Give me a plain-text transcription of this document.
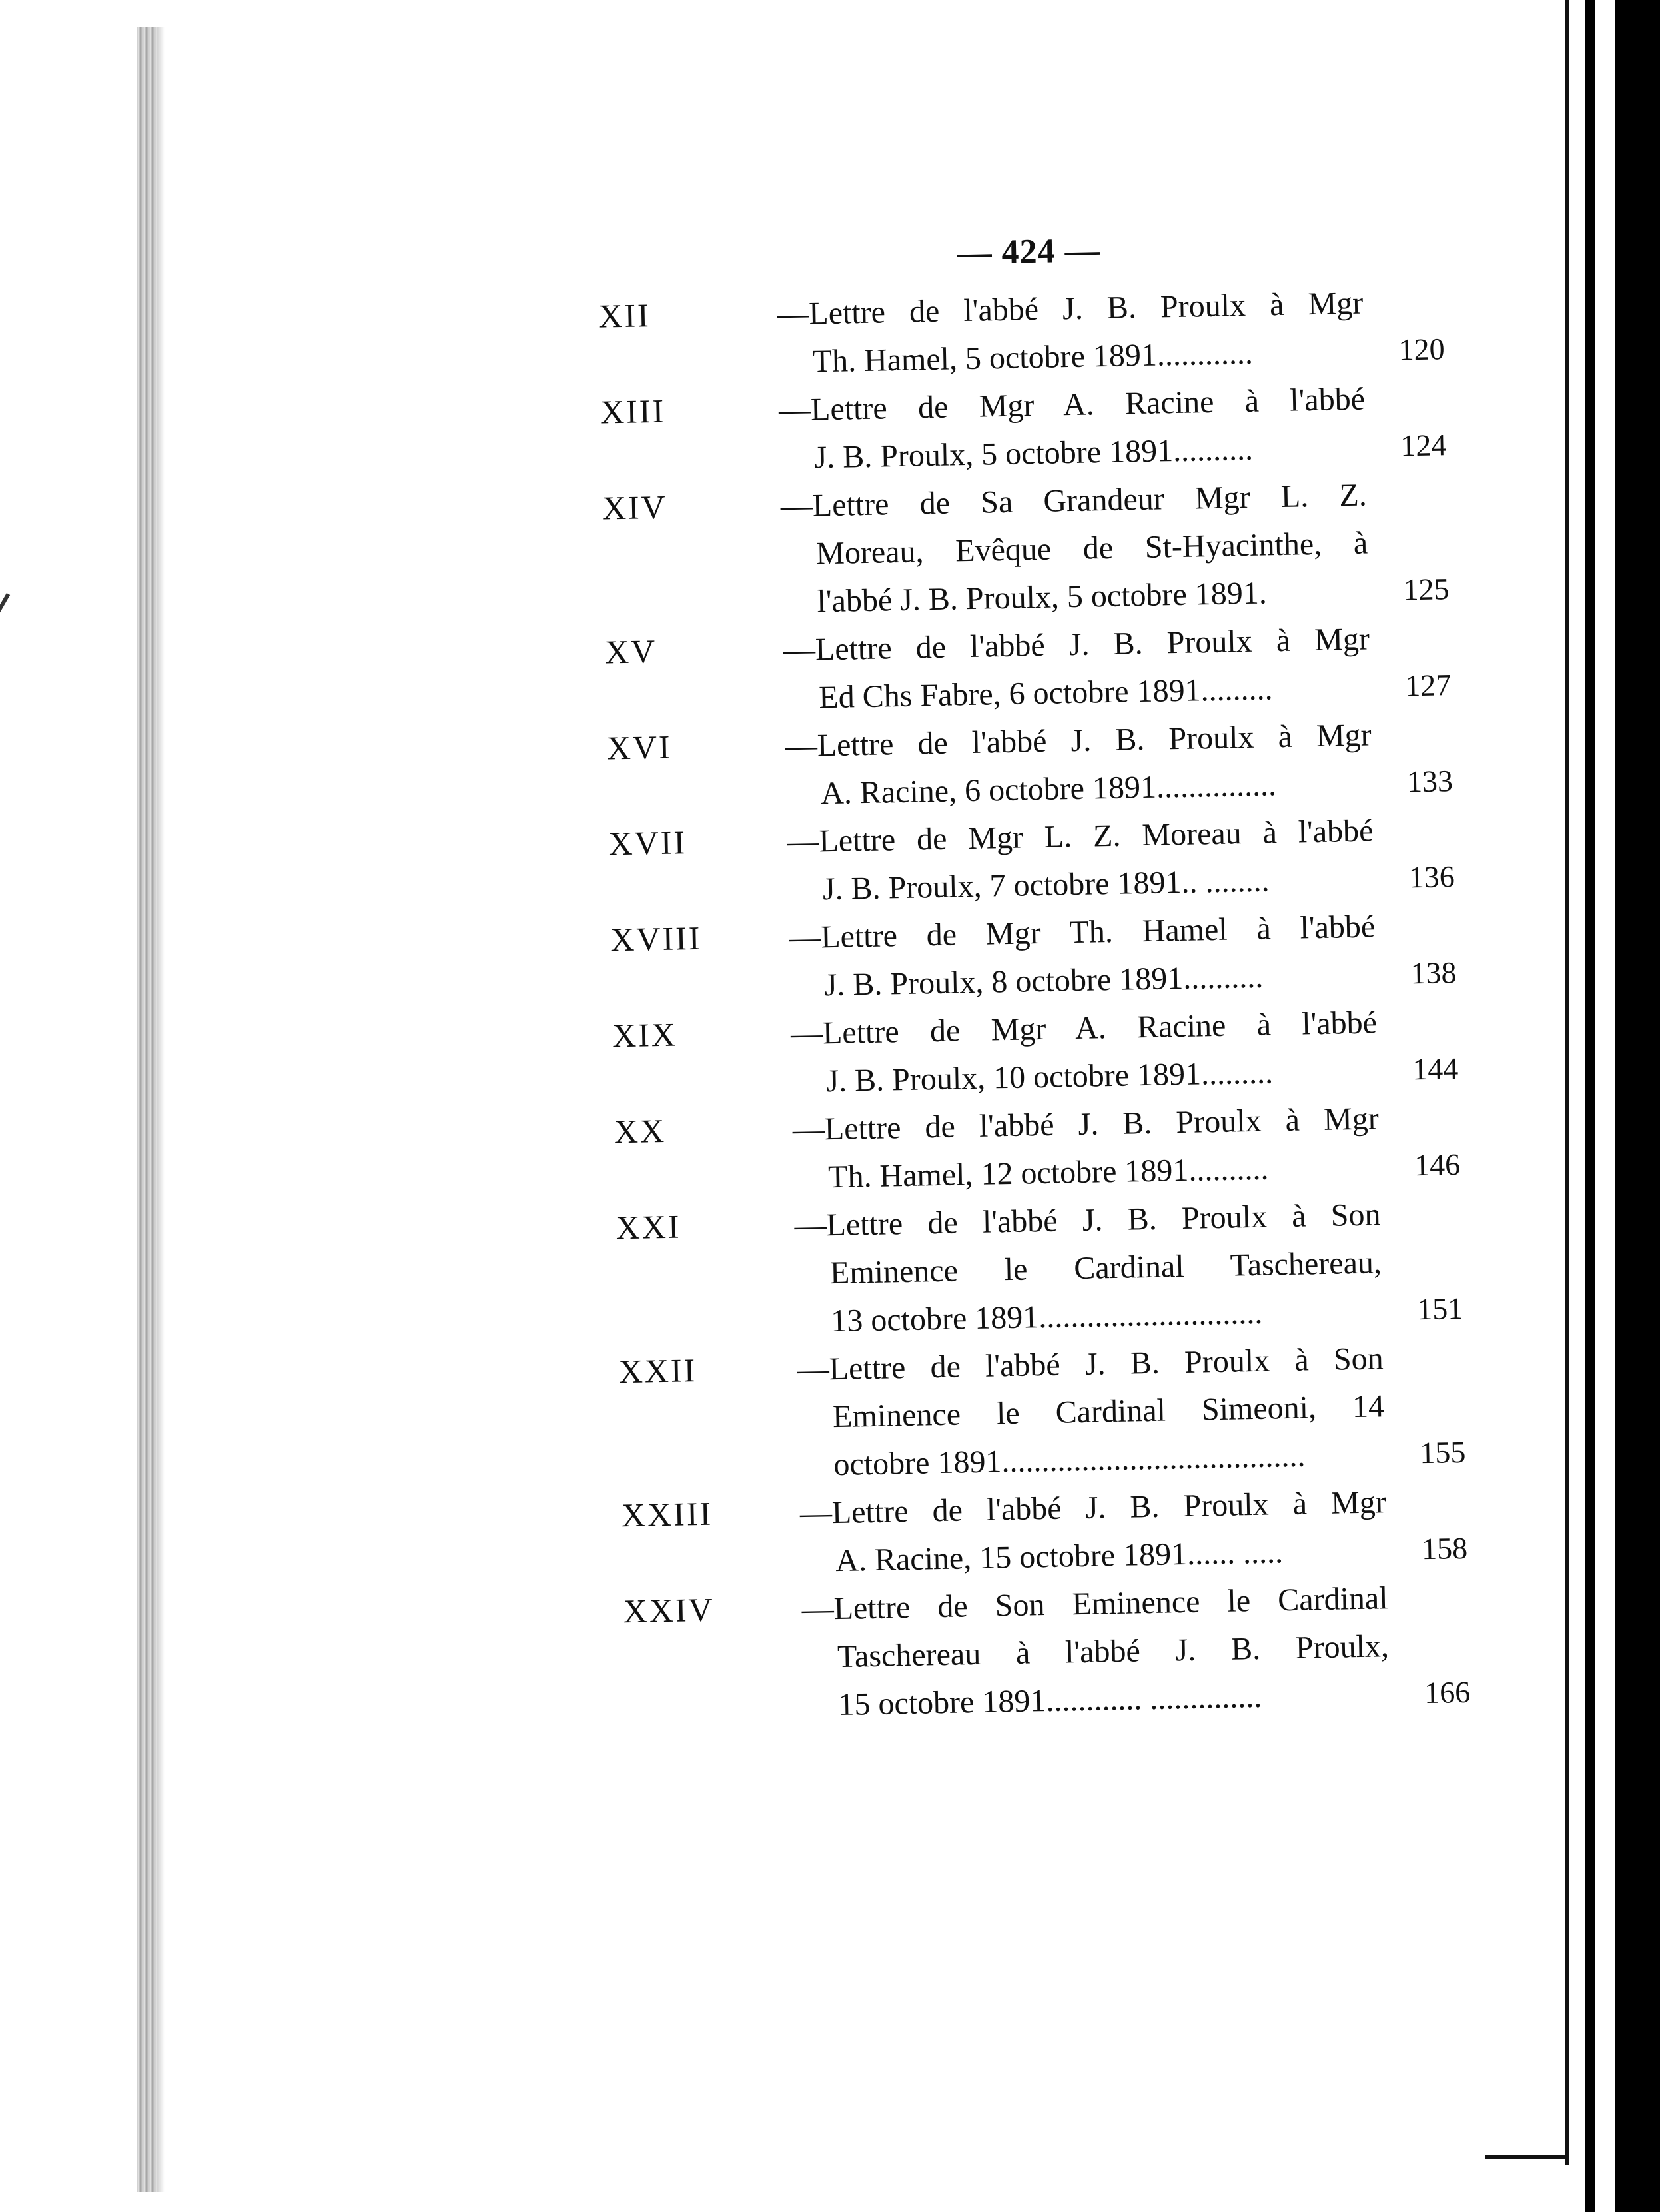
— 424 —
XII	—Lettre de l'abbé J. B. Proulx à Mgr
Th. Hamel, 5 octobre 1891............	120
XIII	—Lettre de Mgr A. Racine à l'abbé
J. B. Proulx, 5 octobre 1891..........	124
XIV	—Lettre de Sa Grandeur Mgr L. Z.
Moreau, Evêque de St-Hyacinthe, à
l'abbé J. B. Proulx, 5 octobre 1891.	125
XV	—Lettre de l'abbé J. B. Proulx à Mgr
Ed Chs Fabre, 6 octobre 1891.........	127
XVI	—Lettre de l'abbé J. B. Proulx à Mgr
A. Racine, 6 octobre 1891...............	133
XVII	—Lettre de Mgr L. Z. Moreau à l'abbé
J. B. Proulx, 7 octobre 1891.. ........	136
XVIII	—Lettre de Mgr Th. Hamel à l'abbé
J. B. Proulx, 8 octobre 1891..........	138
XIX	—Lettre de Mgr A. Racine à l'abbé
J. B. Proulx, 10 octobre 1891.........	144
XX	—Lettre de l'abbé J. B. Proulx à Mgr
Th. Hamel, 12 octobre 1891..........	146
XXI	—Lettre de l'abbé J. B. Proulx à Son
Eminence le Cardinal Taschereau,
13 octobre 1891............................	151
XXII	—Lettre de l'abbé J. B. Proulx à Son
Eminence le Cardinal Simeoni, 14
octobre 1891......................................	155
XXIII	—Lettre de l'abbé J. B. Proulx à Mgr
A. Racine, 15 octobre 1891...... .....	158
XXIV	—Lettre de Son Eminence le Cardinal
Taschereau à l'abbé J. B. Proulx,
15 octobre 1891............ ..............	166
